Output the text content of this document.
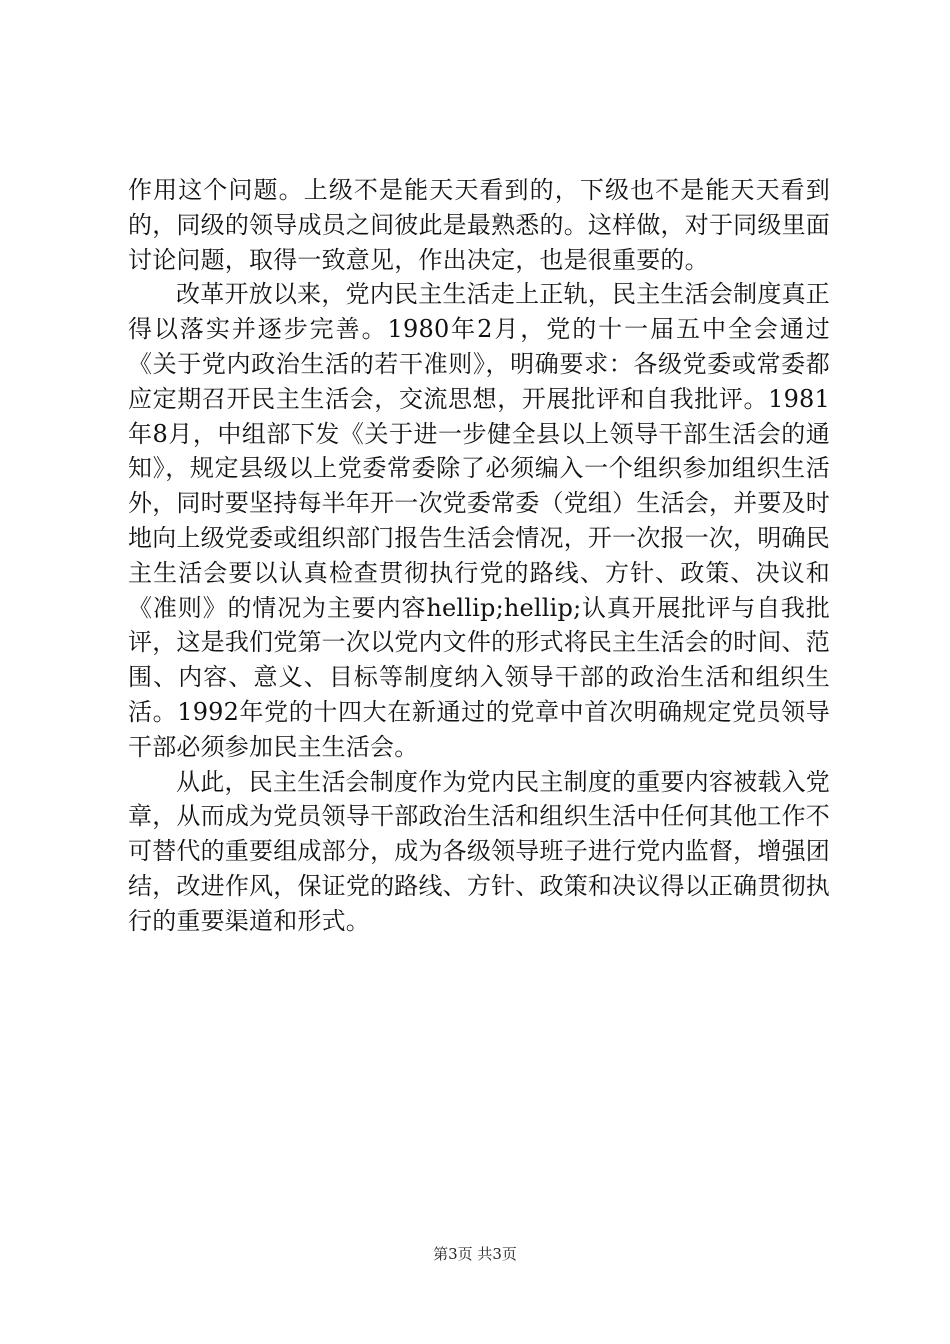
作用这个问题。上级不是能天天看到的，下级也不是能天天看到的，同级的领导成员之间彼此是最熟悉的。这样做，对于同级里面讨论问题，取得一致意见，作出决定，也是很重要的。

改革开放以来，党内民主生活走上正轨，民主生活会制度真正得以落实并逐步完善。1980年2月，党的十一届五中全会通过《关于党内政治生活的若干准则》，明确要求：各级党委或常委都应定期召开民主生活会，交流思想，开展批评和自我批评。1981年8月，中组部下发《关于进一步健全县以上领导干部生活会的通知》，规定县级以上党委常委除了必须编入一个组织参加组织生活外，同时要坚持每半年开一次党委常委（党组）生活会，并要及时地向上级党委或组织部门报告生活会情况，开一次报一次，明确民主生活会要以认真检查贯彻执行党的路线、方针、政策、决议和《准则》的情况为主要内容hellip;hellip;认真开展批评与自我批评，这是我们党第一次以党内文件的形式将民主生活会的时间、范围、内容、意义、目标等制度纳入领导干部的政治生活和组织生活。1992年党的十四大在新通过的党章中首次明确规定党员领导干部必须参加民主生活会。

从此，民主生活会制度作为党内民主制度的重要内容被载入党章，从而成为党员领导干部政治生活和组织生活中任何其他工作不可替代的重要组成部分，成为各级领导班子进行党内监督，增强团结，改进作风，保证党的路线、方针、政策和决议得以正确贯彻执行的重要渠道和形式。

第3页 共3页
